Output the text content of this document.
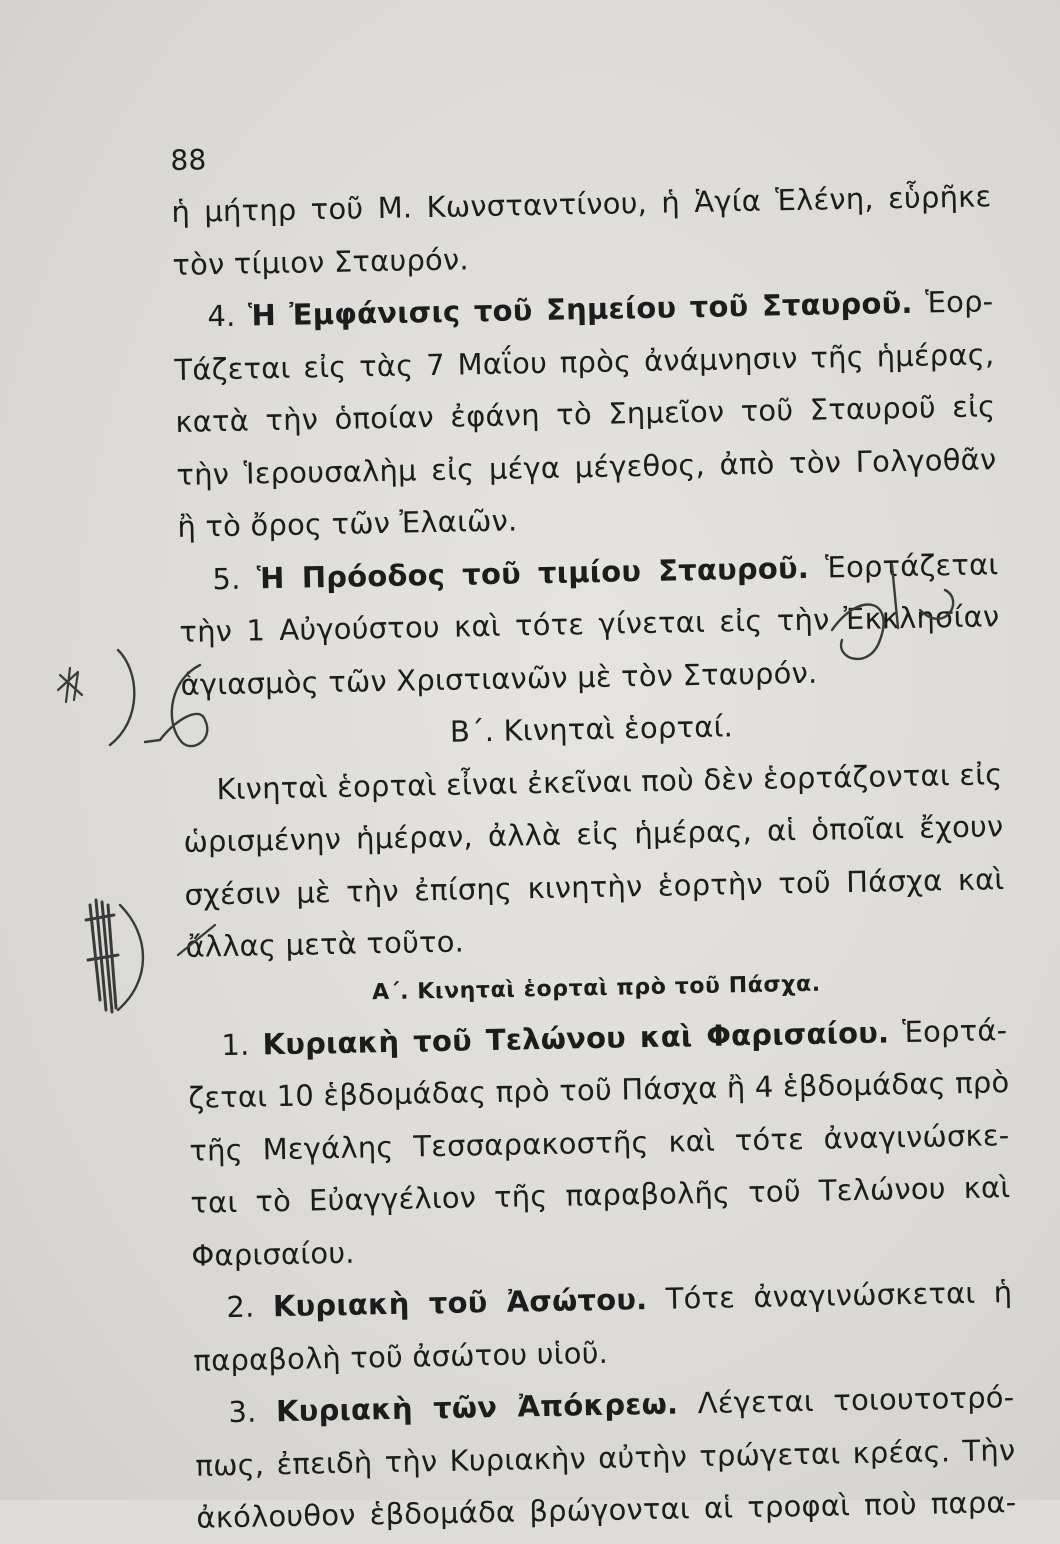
88
ἡ μήτηρ τοῦ Μ. Κωνσταντίνου, ἡ Ἁγία Ἑλένη, εὗρῆκε
τὸν τίμιον Σταυρόν.
4. Ἡ Ἐμφάνισις τοῦ Σημείου τοῦ Σταυροῦ. Ἑορ-
Τάζεται εἰς τὰς 7 Μαΐου πρὸς ἀνάμνησιν τῆς ἡμέρας,
κατὰ τὴν ὁποίαν ἐφάνη τὸ Σημεῖον τοῦ Σταυροῦ εἰς
τὴν Ἱερουσαλὴμ εἰς μέγα μέγεθος, ἀπὸ τὸν Γολγοθᾶν
ἢ τὸ ὄρος τῶν Ἐλαιῶν.
5. Ἡ Πρόοδος τοῦ τιμίου Σταυροῦ. Ἑορτάζεται
τὴν 1 Αὐγούστου καὶ τότε γίνεται εἰς τὴν Ἐκκλησίαν
ἁγιασμὸς τῶν Χριστιανῶν μὲ τὸν Σταυρόν.
Β΄. Κινηταὶ ἑορταί.
Κινηταὶ ἑορταὶ εἶναι ἐκεῖναι ποὺ δὲν ἑορτάζονται εἰς
ὡρισμένην ἡμέραν, ἀλλὰ εἰς ἡμέρας, αἱ ὁποῖαι ἔχουν
σχέσιν μὲ τὴν ἐπίσης κινητὴν ἑορτὴν τοῦ Πάσχα καὶ
ἄλλας μετὰ τοῦτο.
Α΄. Κινηταὶ ἑορταὶ πρὸ τοῦ Πάσχα.
1. Κυριακὴ τοῦ Τελώνου καὶ Φαρισαίου. Ἑορτά-
ζεται 10 ἑβδομάδας πρὸ τοῦ Πάσχα ἢ 4 ἑβδομάδας πρὸ
τῆς Μεγάλης Τεσσαρακοστῆς καὶ τότε ἀναγινώσκε-
ται τὸ Εὐαγγέλιον τῆς παραβολῆς τοῦ Τελώνου καὶ
Φαρισαίου.
2. Κυριακὴ τοῦ Ἀσώτου. Τότε ἀναγινώσκεται ἡ
παραβολὴ τοῦ ἀσώτου υἱοῦ.
3. Κυριακὴ τῶν Ἀπόκρεω. Λέγεται τοιουτοτρό-
πως, ἐπειδὴ τὴν Κυριακὴν αὐτὴν τρώγεται κρέας. Τὴν
ἀκόλουθον ἑβδομάδα βρώγονται αἱ τροφαὶ ποὺ παρα-
